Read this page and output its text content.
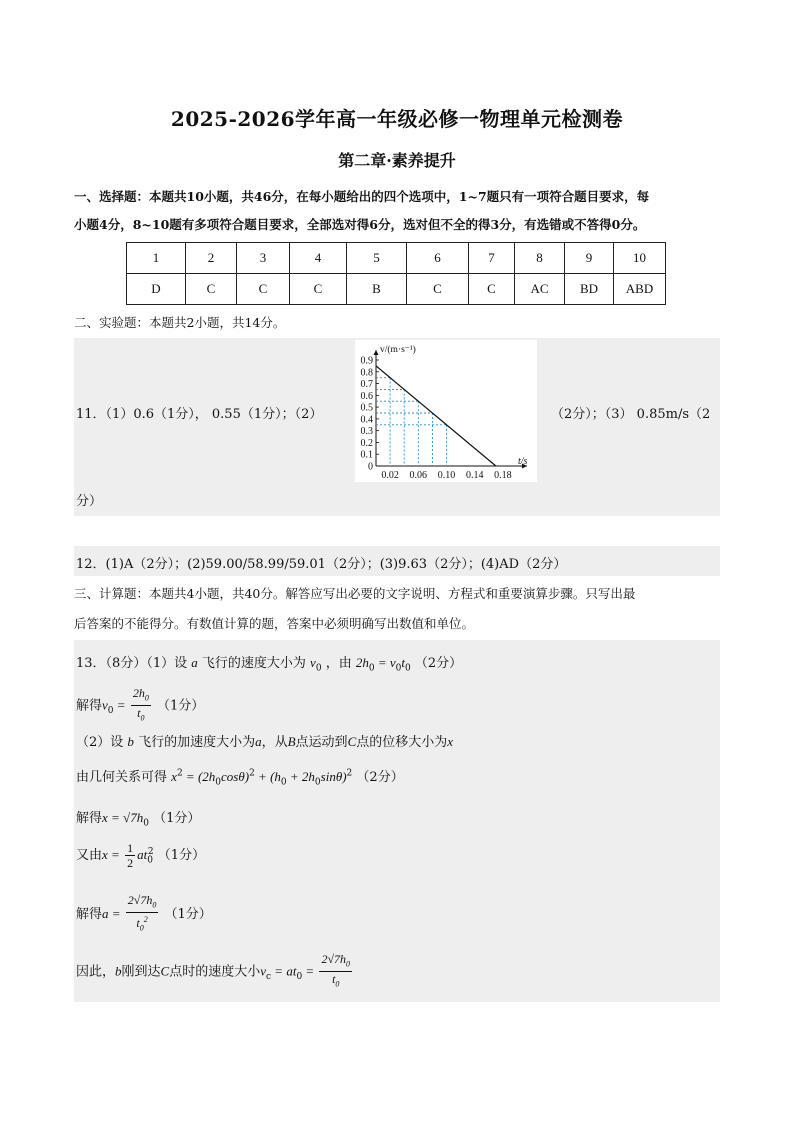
2025-2026学年高一年级必修一物理单元检测卷
第二章·素养提升
一、选择题：本题共10小题，共46分，在每小题给出的四个选项中，1~7题只有一项符合题目要求，每
小题4分，8~10题有多项符合题目要求，全部选对得6分，选对但不全的得3分，有选错或不答得0分。
1	2	3	4	5	6	7	8	9	10
D	C	C	C	B	C	C	AC	BD	ABD
二、实验题：本题共2小题，共14分。
11．（1）0.6（1分）， 0.55（1分）；（2）	（2分）；（3） 0.85m/s（2
分）
0.9
0.8
0.7
0.6
0.5
0.4
0.3
0.2
0.1
0
0.02 0.06 0.10 0.14 0.18
v/(m·s⁻¹)
t/s
12．(1)A（2分）；(2)59.00/58.99/59.01（2分）；(3)9.63（2分）；(4)AD（2分）
三、计算题：本题共4小题，共40分。解答应写出必要的文字说明、方程式和重要演算步骤。只写出最
后答案的不能得分。有数值计算的题，答案中必须明确写出数值和单位。
13．（8分）（1）设 a 飞行的速度大小为 $v_0$ ，由 $2h_0 = v_0t_0$ （2分）
解得$v_0 = \frac{2h_0}{t_0} (1$分）
（2）设 b 飞行的加速度大小为a，从B点运动到C点的位移大小为x
由几何关系可得 $x^2 = (2h_0\cos\theta)^2 + (h_0 + 2h_0\sin\theta)^2$ （2分）
解得$x = √7h_0$ （1分）
又由$x = \frac{1}{2} at_0^2$ （1分）
解得$a = \frac{2√7h_0}{t_0^2} (1$分）
因此，b刚到达C点时的速度大小$v_c = at_0 = \frac{2√7h_0}{t_0}$
